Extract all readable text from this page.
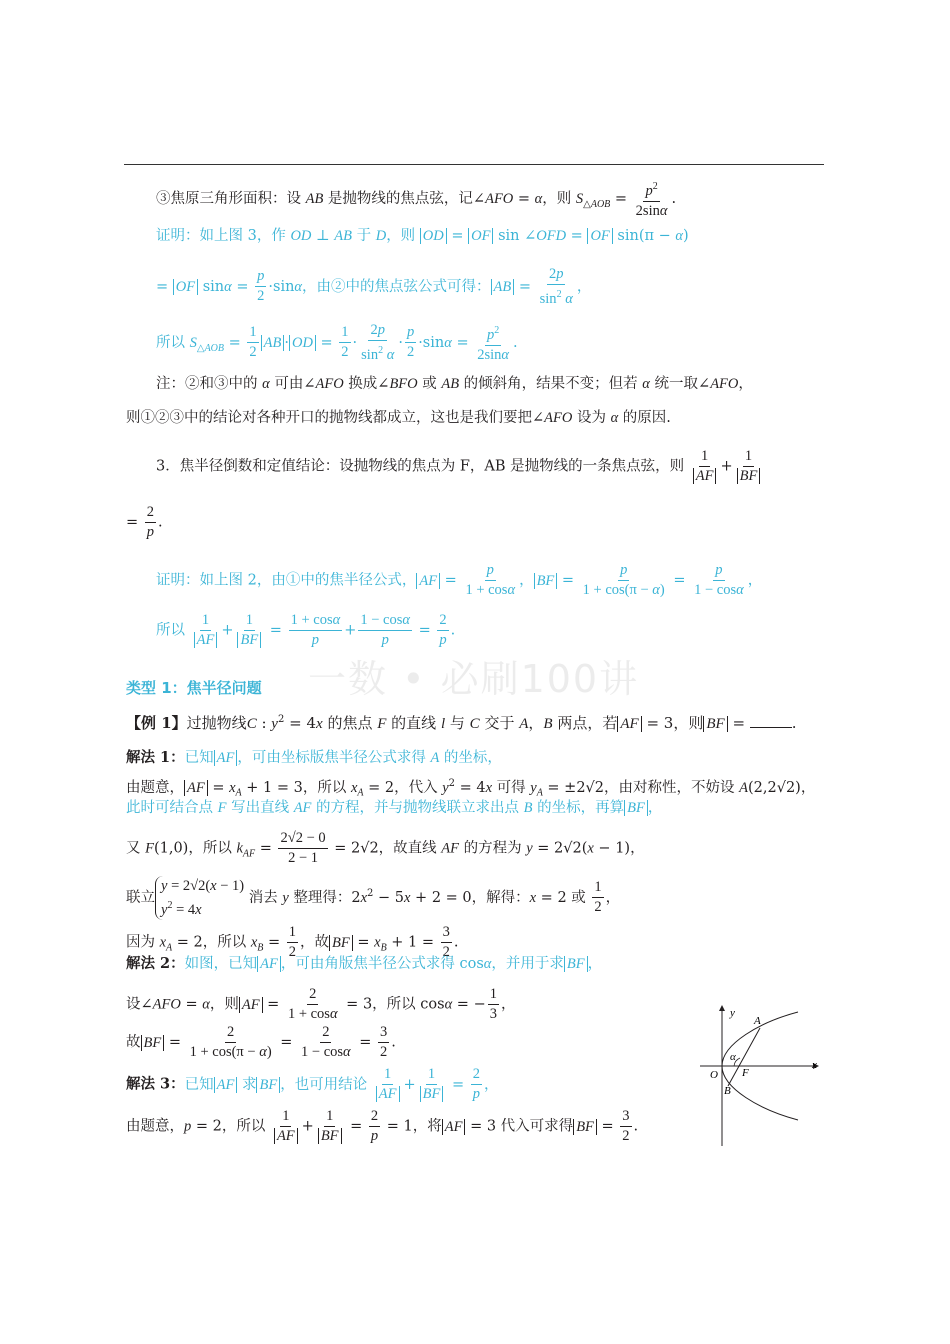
一数 • 必刷100讲
③焦原三角形面积：设 AB 是抛物线的焦点弦，记∠AFO = α，则 $S_{\triangle AOB} = \frac{p^2}{2\sin\alpha}$ .
证明：如上图 3，作 OD ⊥ AB 于 D，则 OD = OF sin ∠OFD = OF sin(π − α)
= OF $\sin\alpha = \frac{p}{2} \cdot\sin\alpha$，由②中的焦点弦公式可得： AB = $\frac{2p}{\sin^2 \alpha}$ ，
所以 $S_{\triangle AOB} = \frac{1}{2}$ AB · OD = $\frac{1}{2} \cdot \frac{2p}{\sin^2 \alpha} \cdot \frac{p}{2} \cdot\sin\alpha = \frac{p^2}{2\sin\alpha}$ .
注：②和③中的 α 可由∠AFO 换成∠BFO 或 AB 的倾斜角，结果不变；但若 α 统一取∠AFO，
则①②③中的结论对各种开口的抛物线都成立，这也是我们要把∠AFO 设为 α 的原因.
3．焦半径倒数和定值结论：设抛物线的焦点为 F，AB 是抛物线的一条焦点弦，则 $\frac{1}{AF} + \frac{1}{BF}$
= $\frac{2}{p}$ .
证明：如上图 2，由①中的焦半径公式， AF = $\frac{p}{1 + \cos\alpha}$ ， BF = $\frac{p}{1 + \cos(\pi - \alpha)} = \frac{p}{1 - \cos\alpha}$ ，
所以 $\frac{1}{AF} + \frac{1}{BF} = \frac{1 + \cos\alpha}{p} + \frac{1 - \cos\alpha}{p} = \frac{2}{p}$ .
类型 1：焦半径问题
【例 1】过抛物线C : $y^2 = 4x$ 的焦点 F 的直线 l 与 C 交于 A，B 两点，若 AF = 3，则 BF =	.
解法 1：已知 AF ，可由坐标版焦半径公式求得 A 的坐标，
由题意， AF = $x_A + 1 = 3$，所以 $x_A = 2$，代入 $y^2 = 4x$ 可得 $y_A = \pm 2√2$，由对称性，不妨设 A(2,2√2)，
此时可结合点 F 写出直线 AF 的方程，并与抛物线联立求出点 B 的坐标，再算 BF ，
又 F(1,0)，所以 $k_{AF} = \frac{2√2 - 0}{2 - 1} = 2√2$，故直线 AF 的方程为 y = 2√2(x − 1)，
联立
y = 2√2(x − 1)
$y^2 = 4x$
消去 y 整理得：$2x^2 - 5x + 2 = 0$，解得：x = 2 或 $\frac{1}{2}$ ，
因为 $x_A = 2$，所以 $x_B = \frac{1}{2}$ ，故 BF = $x_B + 1 = \frac{3}{2}$ .
解法 2：如图，已知 AF ，可由角版焦半径公式求得 cosα，并用于求 BF ，
设∠AFO = α，则 AF = $\frac{2}{1 + \cos\alpha} = 3$，所以 cosα = − $\frac{1}{3}$ ，
故 BF = $\frac{2}{1 + \cos(\pi - \alpha)} = \frac{2}{1 - \cos\alpha} = \frac{3}{2}$ .
解法 3：已知 AF 求 BF ，也可用结论 $\frac{1}{AF} + \frac{1}{BF} = \frac{2}{p}$ ，
由题意，p = 2，所以 $\frac{1}{AF} + \frac{1}{BF} = \frac{2}{p} = 1$，将 AF = 3 代入可求得 BF = $\frac{3}{2}$ .
y
x
O
A
B
F
α
